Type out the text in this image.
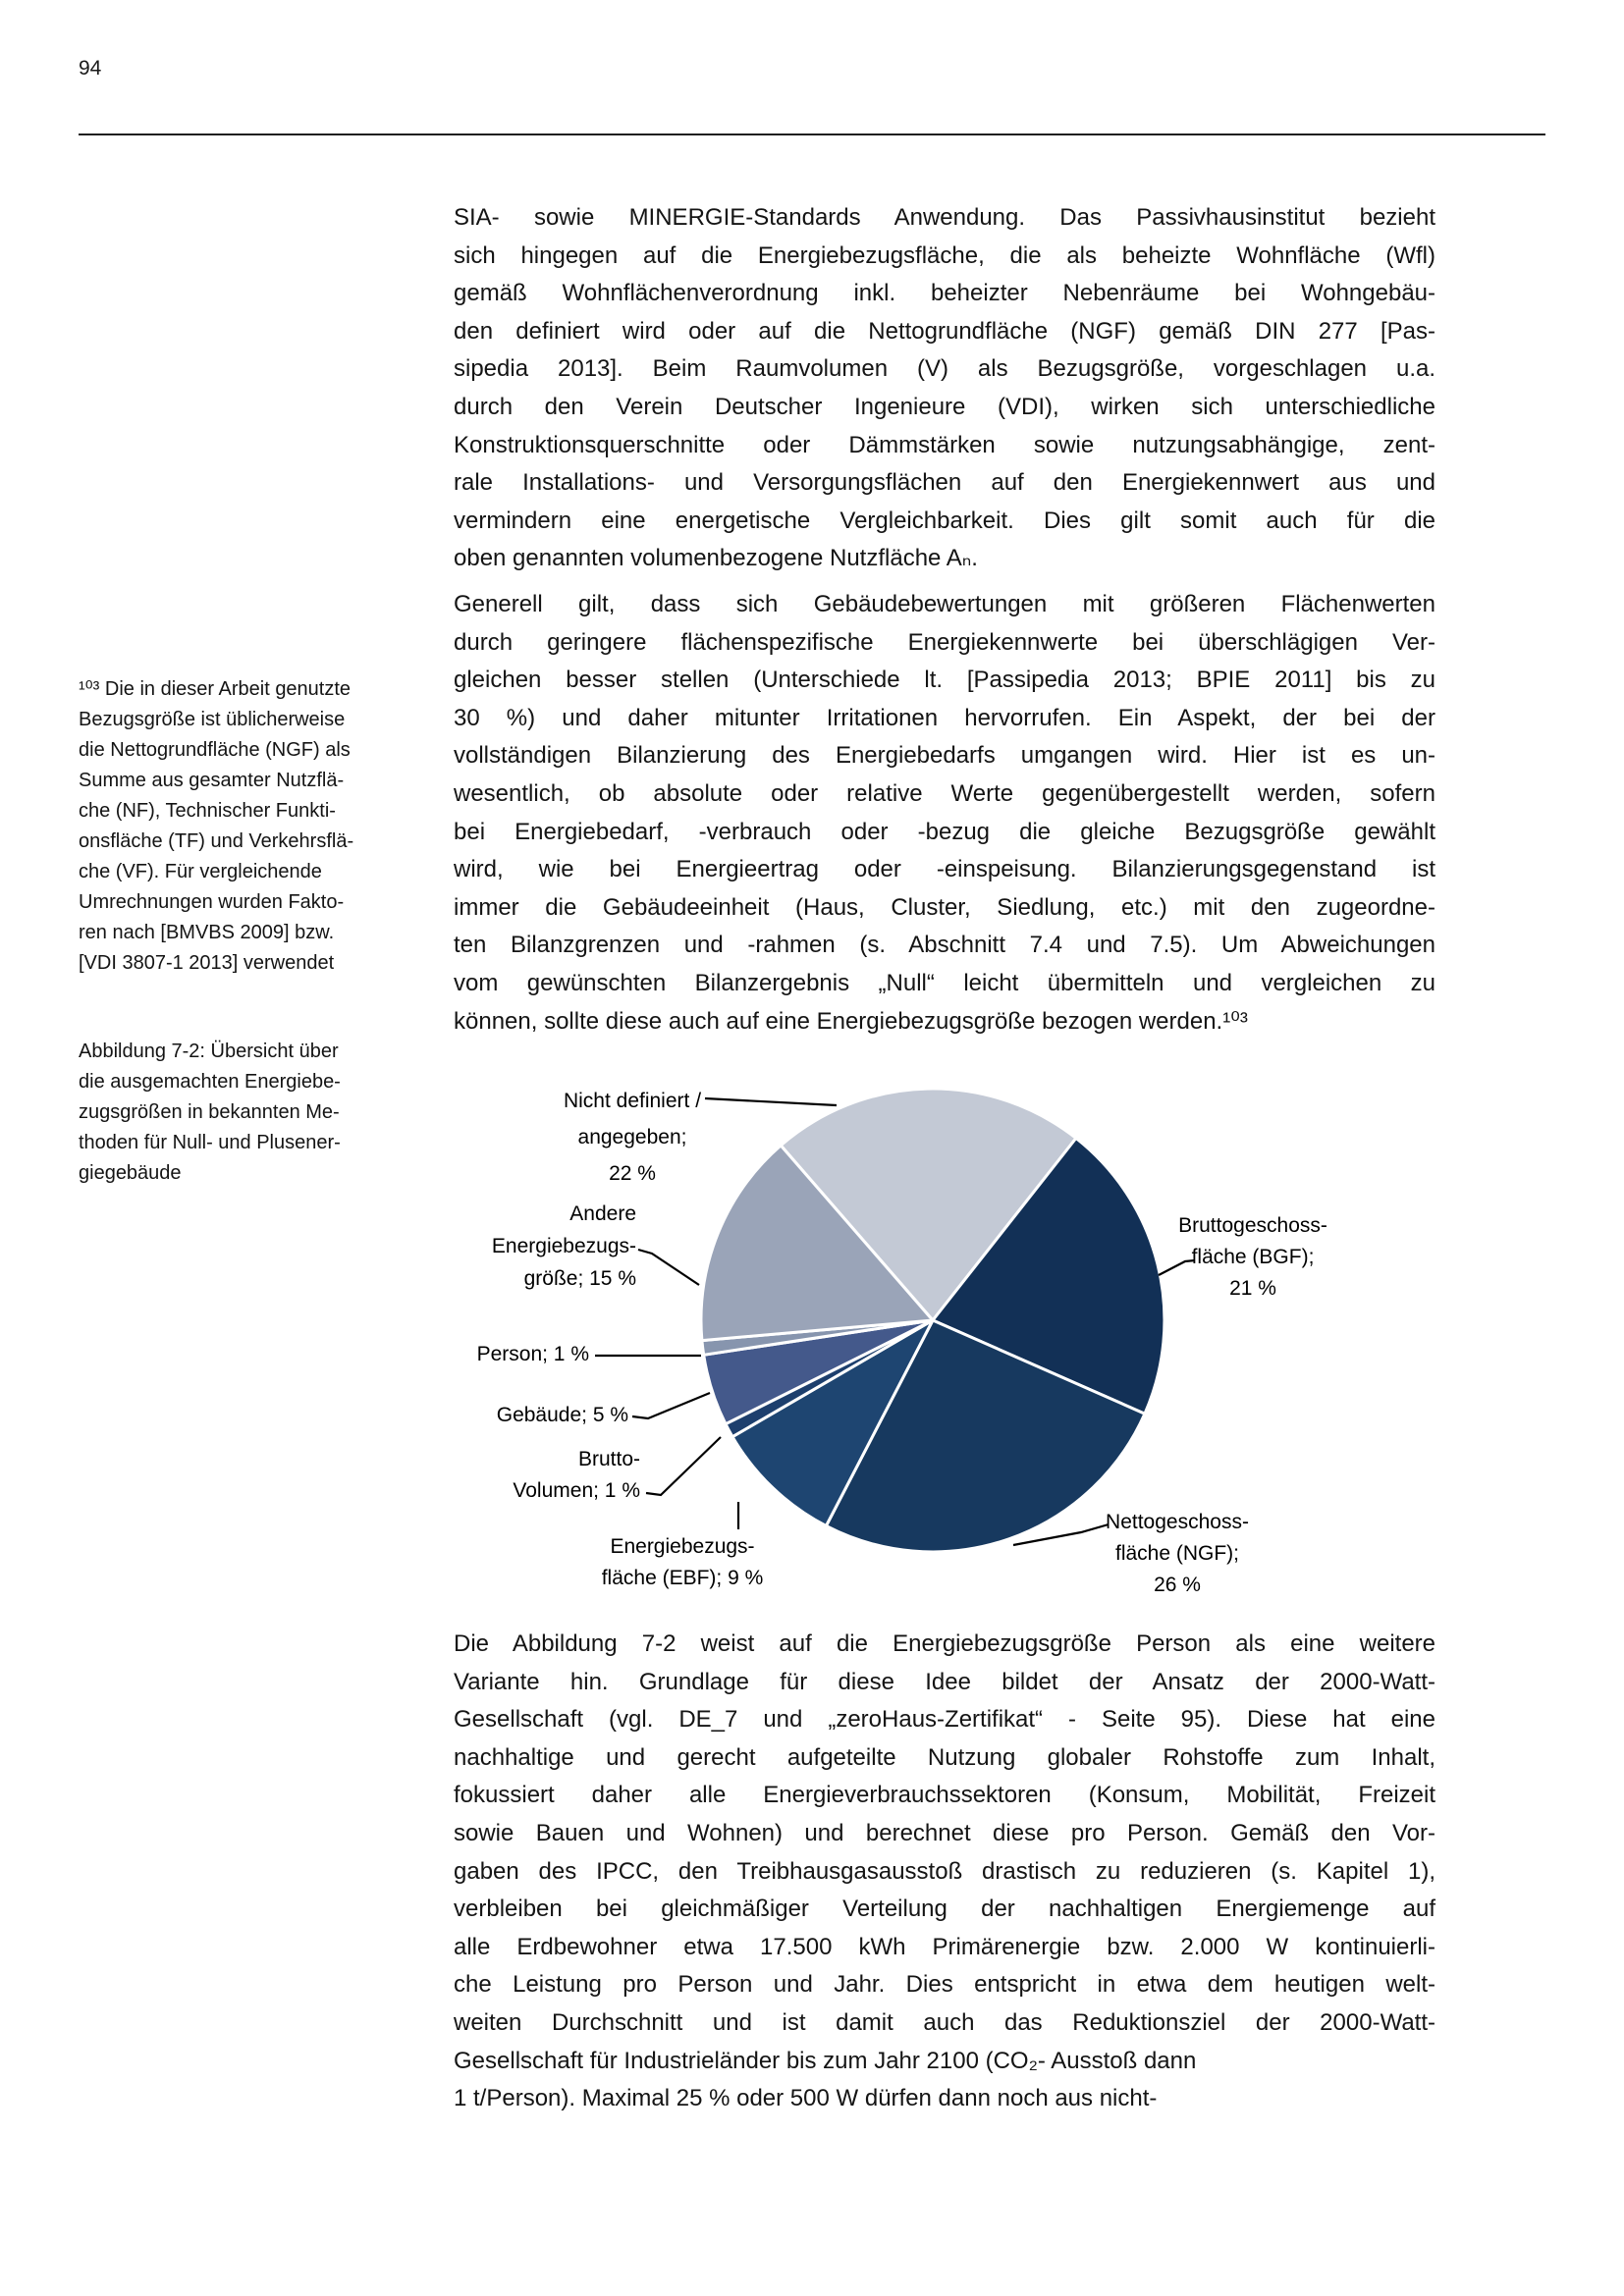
94
¹⁰³ Die in dieser Arbeit genutzte
Bezugsgröße ist üblicherweise
die Nettogrundfläche (NGF) als
Summe aus gesamter Nutzflä-
che (NF), Technischer Funkti-
onsfläche (TF) und Verkehrsflä-
che (VF). Für vergleichende
Umrechnungen wurden Fakto-
ren nach [BMVBS 2009] bzw.
[VDI 3807-1 2013] verwendet
Abbildung 7-2: Übersicht über
die ausgemachten Energiebe-
zugsgrößen in bekannten Me-
thoden für Null- und Plusener-
giegebäude
SIA- sowie MINERGIE-Standards Anwendung. Das Passivhausinstitut bezieht
sich hingegen auf die Energiebezugsfläche, die als beheizte Wohnfläche (Wfl)
gemäß Wohnflächenverordnung inkl. beheizter Nebenräume bei Wohngebäu-
den definiert wird oder auf die Nettogrundfläche (NGF) gemäß DIN 277 [Pas-
sipedia 2013]. Beim Raumvolumen (V) als Bezugsgröße, vorgeschlagen u.a.
durch den Verein Deutscher Ingenieure (VDI), wirken sich unterschiedliche
Konstruktionsquerschnitte oder Dämmstärken sowie nutzungsabhängige, zent-
rale Installations- und Versorgungsflächen auf den Energiekennwert aus und
vermindern eine energetische Vergleichbarkeit. Dies gilt somit auch für die
oben genannten volumenbezogene Nutzfläche Aₙ.
Generell gilt, dass sich Gebäudebewertungen mit größeren Flächenwerten
durch geringere flächenspezifische Energiekennwerte bei überschlägigen Ver-
gleichen besser stellen (Unterschiede lt. [Passipedia 2013; BPIE 2011] bis zu
30 %) und daher mitunter Irritationen hervorrufen. Ein Aspekt, der bei der
vollständigen Bilanzierung des Energiebedarfs umgangen wird. Hier ist es un-
wesentlich, ob absolute oder relative Werte gegenübergestellt werden, sofern
bei Energiebedarf, -verbrauch oder -bezug die gleiche Bezugsgröße gewählt
wird, wie bei Energieertrag oder -einspeisung. Bilanzierungsgegenstand ist
immer die Gebäudeeinheit (Haus, Cluster, Siedlung, etc.) mit den zugeordne-
ten Bilanzgrenzen und -rahmen (s. Abschnitt 7.4 und 7.5). Um Abweichungen
vom gewünschten Bilanzergebnis „Null“ leicht übermitteln und vergleichen zu
können, sollte diese auch auf eine Energiebezugsgröße bezogen werden.¹⁰³
Die Abbildung 7-2 weist auf die Energiebezugsgröße Person als eine weitere
Variante hin. Grundlage für diese Idee bildet der Ansatz der 2000-Watt-
Gesellschaft (vgl. DE_7 und „zeroHaus-Zertifikat“ - Seite 95). Diese hat eine
nachhaltige und gerecht aufgeteilte Nutzung globaler Rohstoffe zum Inhalt,
fokussiert daher alle Energieverbrauchssektoren (Konsum, Mobilität, Freizeit
sowie Bauen und Wohnen) und berechnet diese pro Person. Gemäß den Vor-
gaben des IPCC, den Treibhausgasausstoß drastisch zu reduzieren (s. Kapitel 1),
verbleiben bei gleichmäßiger Verteilung der nachhaltigen Energiemenge auf
alle Erdbewohner etwa 17.500 kWh Primärenergie bzw. 2.000 W kontinuierli-
che Leistung pro Person und Jahr. Dies entspricht in etwa dem heutigen welt-
weiten Durchschnitt und ist damit auch das Reduktionsziel der 2000-Watt-
Gesellschaft für Industrieländer bis zum Jahr 2100 (CO₂- Ausstoß dann
1 t/Person). Maximal 25 % oder 500 W dürfen dann noch aus nicht-
Nicht definiert / angegeben; 22 %
Bruttogeschoss-fläche (BGF); 21 %
Andere Energiebezugs-größe; 15 %
Person; 1 %
Gebäude; 5 %
Brutto-Volumen; 1 %
Energiebezugs-fläche (EBF); 9 %
Nettogeschoss-fläche (NGF); 26 %
